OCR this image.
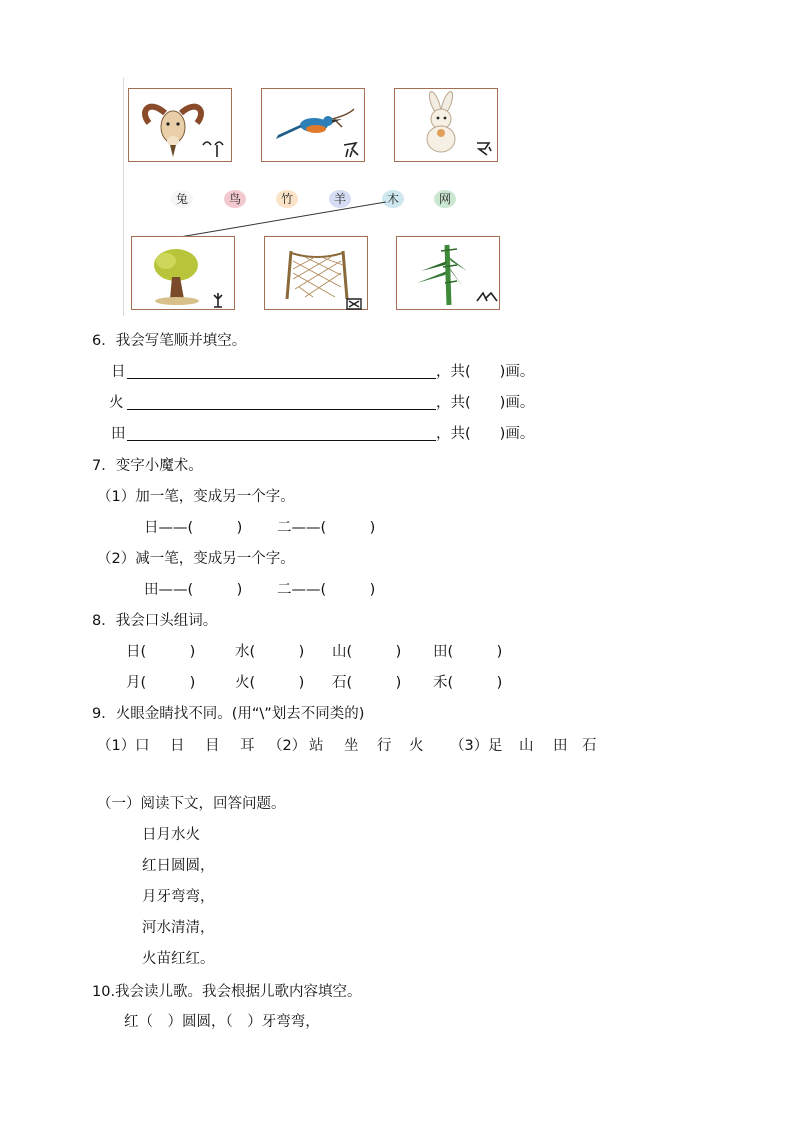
兔	鸟	竹	羊	木	网
6．我会写笔顺并填空。
日	，共(　　)画。
火	，共(　　)画。
田	，共(　　)画。
7．变字小魔术。
（1）加一笔，变成另一个字。
日——(　　　) 二——(　　　)
（2）减一笔，变成另一个字。
田——(　　　) 二——(　　　)
8．我会口头组词。
日(　　　)	水(　　　) 山(　　　) 田(　　　)
月(　　　)	火(　　　) 石(　　　) 禾(　　　)
9．火眼金睛找不同。(用“\”划去不同类的)
（1） 口 日 目 耳 （2） 站 坐 行 火 （3） 足 山 田 石
（一）阅读下文，回答问题。
日月水火
红日圆圆，
月牙弯弯，
河水清清，
火苗红红。
10.我会读儿歌。我会根据儿歌内容填空。
红（　）圆圆，（　）牙弯弯，
